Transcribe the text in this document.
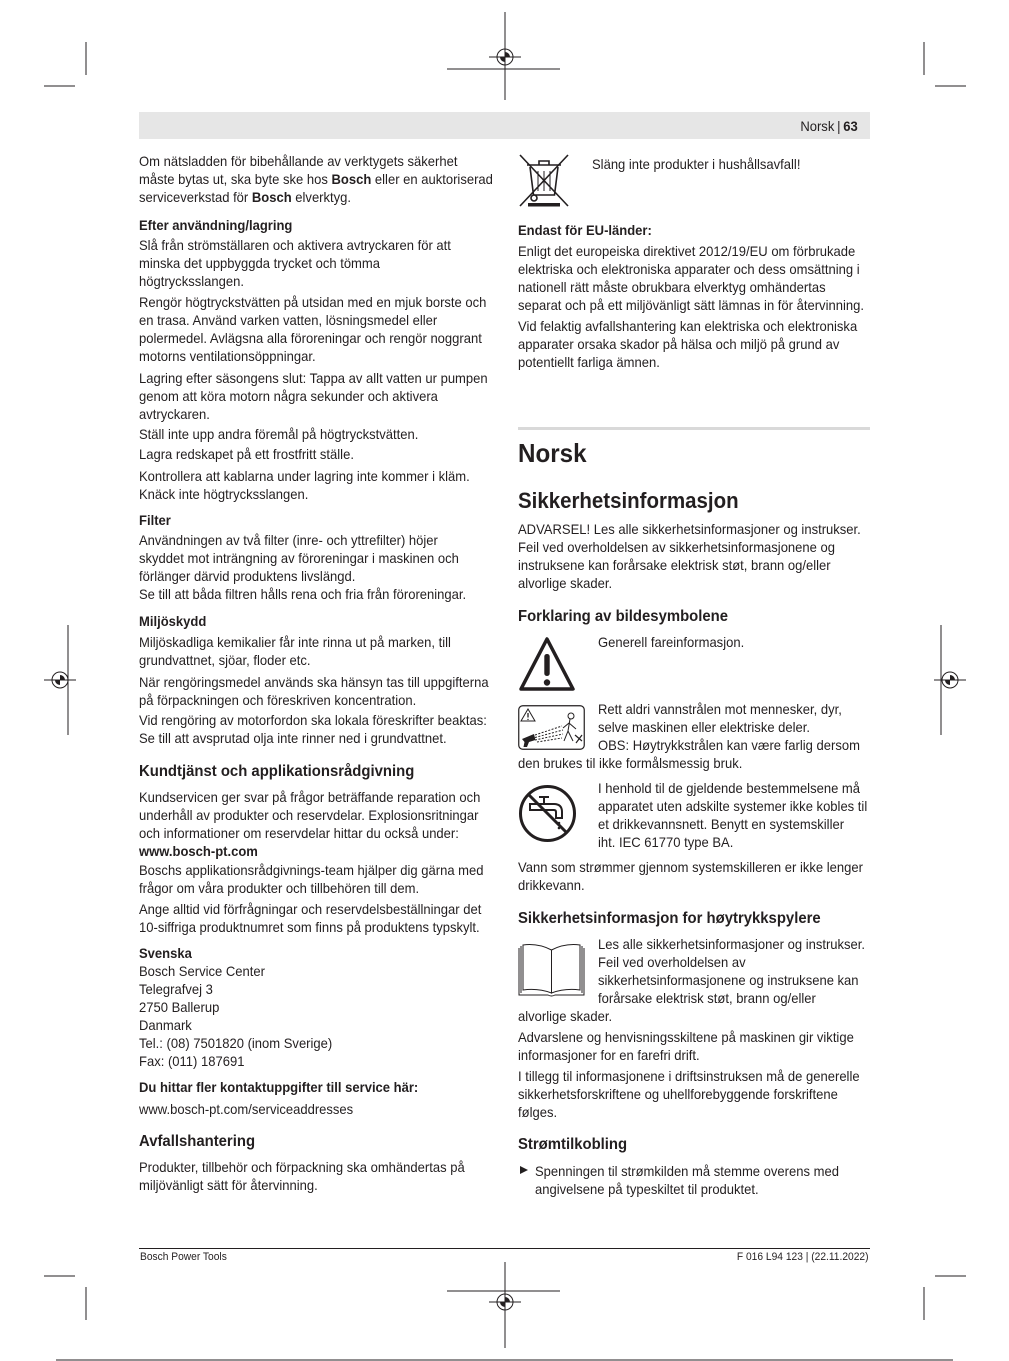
Norsk | 63
Om nätsladden för bibehållande av verktygets säkerhet
måste bytas ut, ska byte ske hos Bosch eller en auktoriserad
serviceverkstad för Bosch elverktyg.
Efter användning/lagring
Slå från strömställaren och aktivera avtryckaren för att
minska det uppbyggda trycket och tömma
högtrycksslangen.
Rengör högtryckstvätten på utsidan med en mjuk borste och
en trasa. Använd varken vatten, lösningsmedel eller
polermedel. Avlägsna alla föroreningar och rengör noggrant
motorns ventilationsöppningar.
Lagring efter säsongens slut: Tappa av allt vatten ur pumpen
genom att köra motorn några sekunder och aktivera
avtryckaren.
Ställ inte upp andra föremål på högtryckstvätten.
Lagra redskapet på ett frostfritt ställe.
Kontrollera att kablarna under lagring inte kommer i kläm.
Knäck inte högtrycksslangen.
Filter
Användningen av två filter (inre- och yttrefilter) höjer
skyddet mot inträngning av föroreningar i maskinen och
förlänger därvid produktens livslängd.
Se till att båda filtren hålls rena och fria från föroreningar.
Miljöskydd
Miljöskadliga kemikalier får inte rinna ut på marken, till
grundvattnet, sjöar, floder etc.
När rengöringsmedel används ska hänsyn tas till uppgifterna
på förpackningen och föreskriven koncentration.
Vid rengöring av motorfordon ska lokala föreskrifter beaktas:
Se till att avsprutad olja inte rinner ned i grundvattnet.
Kundtjänst och applikationsrådgivning
Kundservicen ger svar på frågor beträffande reparation och
underhåll av produkter och reservdelar. Explosionsritningar
och informationer om reservdelar hittar du också under:
www.bosch-pt.com
Boschs applikationsrådgivnings-team hjälper dig gärna med
frågor om våra produkter och tillbehören till dem.
Ange alltid vid förfrågningar och reservdelsbeställningar det
10-siffriga produktnumret som finns på produktens typskylt.
Svenska
Bosch Service Center
Telegrafvej 3
2750 Ballerup
Danmark
Tel.: (08) 7501820 (inom Sverige)
Fax: (011) 187691
Du hittar fler kontaktuppgifter till service här:
www.bosch-pt.com/serviceaddresses
Avfallshantering
Produkter, tillbehör och förpackning ska omhändertas på
miljövänligt sätt för återvinning.
Släng inte produkter i hushållsavfall!
Endast för EU-länder:
Enligt det europeiska direktivet 2012/19/EU om förbrukade
elektriska och elektroniska apparater och dess omsättning i
nationell rätt måste obrukbara elverktyg omhändertas
separat och på ett miljövänligt sätt lämnas in för återvinning.
Vid felaktig avfallshantering kan elektriska och elektroniska
apparater orsaka skador på hälsa och miljö på grund av
potentiellt farliga ämnen.
Norsk
Sikkerhetsinformasjon
ADVARSEL! Les alle sikkerhetsinformasjoner og instrukser.
Feil ved overholdelsen av sikkerhetsinformasjonene og
instruksene kan forårsake elektrisk støt, brann og/eller
alvorlige skader.
Forklaring av bildesymbolene
Generell fareinformasjon.
Rett aldri vannstrålen mot mennesker, dyr,
selve maskinen eller elektriske deler.
OBS: Høytrykkstrålen kan være farlig dersom
den brukes til ikke formålsmessig bruk.
I henhold til de gjeldende bestemmelsene må
apparatet uten adskilte systemer ikke kobles til
et drikkevannsnett. Benytt en systemskiller
iht. IEC 61770 type BA.
Vann som strømmer gjennom systemskilleren er ikke lenger
drikkevann.
Sikkerhetsinformasjon for høytrykkspylere
Les alle sikkerhetsinformasjoner og instrukser.
Feil ved overholdelsen av
sikkerhetsinformasjonene og instruksene kan
forårsake elektrisk støt, brann og/eller
alvorlige skader.
Advarslene og henvisningsskiltene på maskinen gir viktige
informasjoner for en farefri drift.
I tillegg til informasjonene i driftsinstruksen må de generelle
sikkerhetsforskriftene og uhellforebyggende forskriftene
følges.
Strømtilkobling
Spenningen til strømkilden må stemme overens med
angivelsene på typeskiltet til produktet.
Bosch Power Tools	F 016 L94 123 | (22.11.2022)
